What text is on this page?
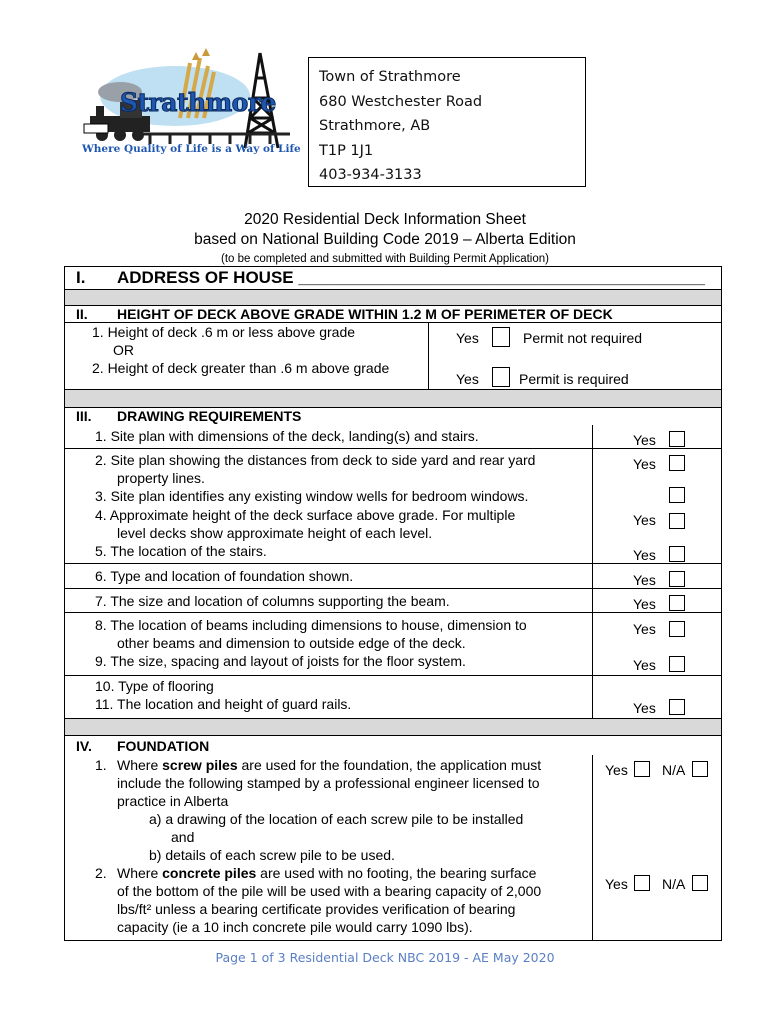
Strathmore
Where Quality of Life is a Way of Life
Town of Strathmore
680 Westchester Road
Strathmore, AB
T1P 1J1
403-934-3133
2020 Residential Deck Information Sheet
based on National Building Code 2019 – Alberta Edition
(to be completed and submitted with Building Permit Application)
I. ADDRESS OF HOUSE ___________________________________________
II. HEIGHT OF DECK ABOVE GRADE WITHIN 1.2 M OF PERIMETER OF DECK
1. Height of deck .6 m or less above grade
OR
2. Height of deck greater than .6 m above grade
Yes	Permit not required
Yes	Permit is required
III. DRAWING REQUIREMENTS
1. Site plan with dimensions of the deck, landing(s) and stairs.
2. Site plan showing the distances from deck to side yard and rear yard
property lines.
3. Site plan identifies any existing window wells for bedroom windows.
4. Approximate height of the deck surface above grade. For multiple
level decks show approximate height of each level.
5. The location of the stairs.
6. Type and location of foundation shown.
7. The size and location of columns supporting the beam.
8. The location of beams including dimensions to house, dimension to
other beams and dimension to outside edge of the deck.
9. The size, spacing and layout of joists for the floor system.
10. Type of flooring
11. The location and height of guard rails.
Yes
Yes
Yes
Yes
Yes
Yes
Yes
Yes
Yes
IV. FOUNDATION
1. Where screw piles are used for the foundation, the application must
include the following stamped by a professional engineer licensed to
practice in Alberta
a) a drawing of the location of each screw pile to be installed
and
b) details of each screw pile to be used.
2. Where concrete piles are used with no footing, the bearing surface
of the bottom of the pile will be used with a bearing capacity of 2,000
lbs/ft² unless a bearing certificate provides verification of bearing
capacity (ie a 10 inch concrete pile would carry 1090 lbs).
Yes N/A
Yes N/A
Page 1 of 3 Residential Deck NBC 2019 - AE May 2020
